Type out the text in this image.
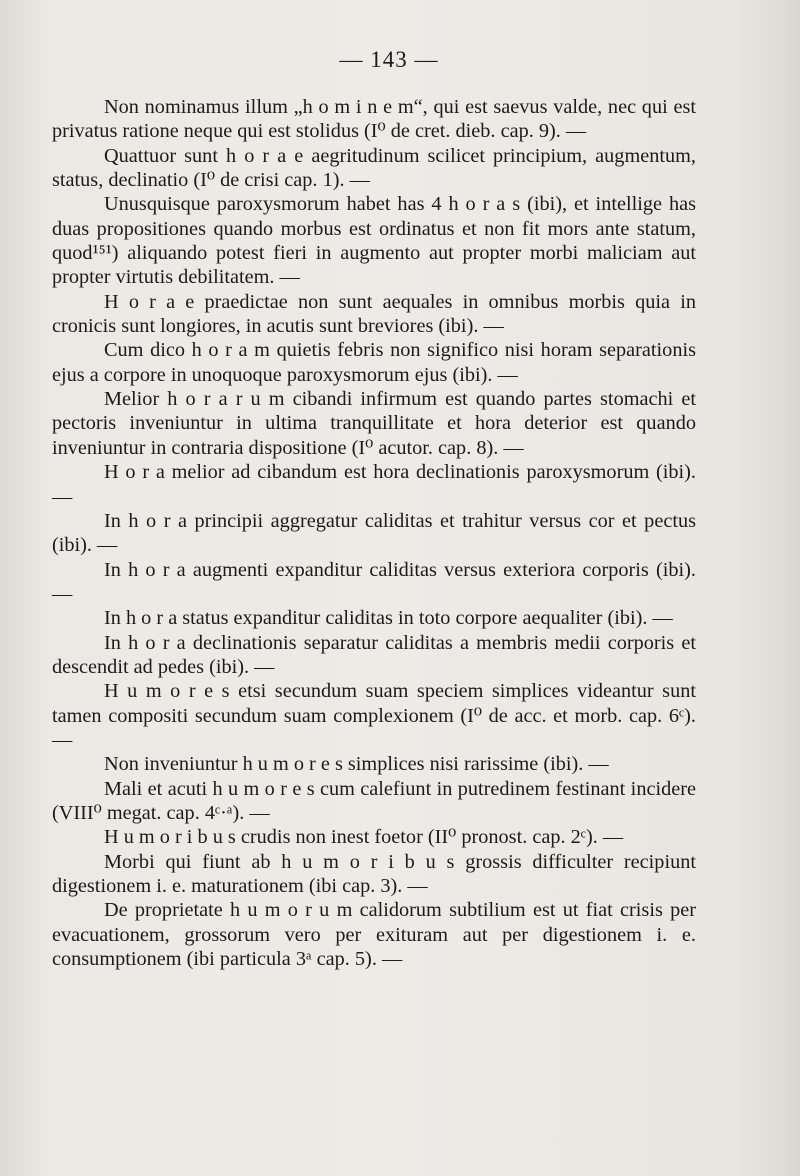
— 143 —

Non nominamus illum „h o m i n e m“, qui est saevus valde, nec qui est privatus ratione neque qui est stolidus (I⁰ de cret. dieb. cap. 9). —

Quattuor sunt h o r a e aegritudinum scilicet principium, augmentum, status, declinatio (I⁰ de crisi cap. 1). —

Unusquisque paroxysmorum habet has 4 h o r a s (ibi), et intellige has duas propositiones quando morbus est ordinatus et non fit mors ante statum, quod¹⁵¹) aliquando potest fieri in augmento aut propter morbi maliciam aut propter virtutis debilitatem. —

H o r a e praedictae non sunt aequales in omnibus morbis quia in cronicis sunt longiores, in acutis sunt breviores (ibi). —

Cum dico h o r a m quietis febris non significo nisi horam separationis ejus a corpore in unoquoque paroxysmorum ejus (ibi). —

Melior h o r a r u m cibandi infirmum est quando partes stomachi et pectoris inveniuntur in ultima tranquillitate et hora deterior est quando inveniuntur in contraria dispositione (I⁰ acutor. cap. 8). —

H o r a melior ad cibandum est hora declinationis paroxysmorum (ibi). —

In h o r a principii aggregatur caliditas et trahitur versus cor et pectus (ibi). —

In h o r a augmenti expanditur caliditas versus exteriora corporis (ibi). —

In h o r a status expanditur caliditas in toto corpore aequaliter (ibi). —

In h o r a declinationis separatur caliditas a membris medii corporis et descendit ad pedes (ibi). —

H u m o r e s etsi secundum suam speciem simplices videantur sunt tamen compositi secundum suam complexionem (I⁰ de acc. et morb. cap. 6ᶜ). —

Non inveniuntur h u m o r e s simplices nisi rarissime (ibi). —

Mali et acuti h u m o r e s cum calefiunt in putredinem festinant incidere (VIII⁰ megat. cap. 4ᶜ·ᵃ). —

H u m o r i b u s crudis non inest foetor (II⁰ pronost. cap. 2ᶜ). —

Morbi qui fiunt ab h u m o r i b u s grossis difficulter recipiunt digestionem i. e. maturationem (ibi cap. 3). —

De proprietate h u m o r u m calidorum subtilium est ut fiat crisis per evacuationem, grossorum vero per exituram aut per digestionem i. e. consumptionem (ibi particula 3ᵃ cap. 5). —
